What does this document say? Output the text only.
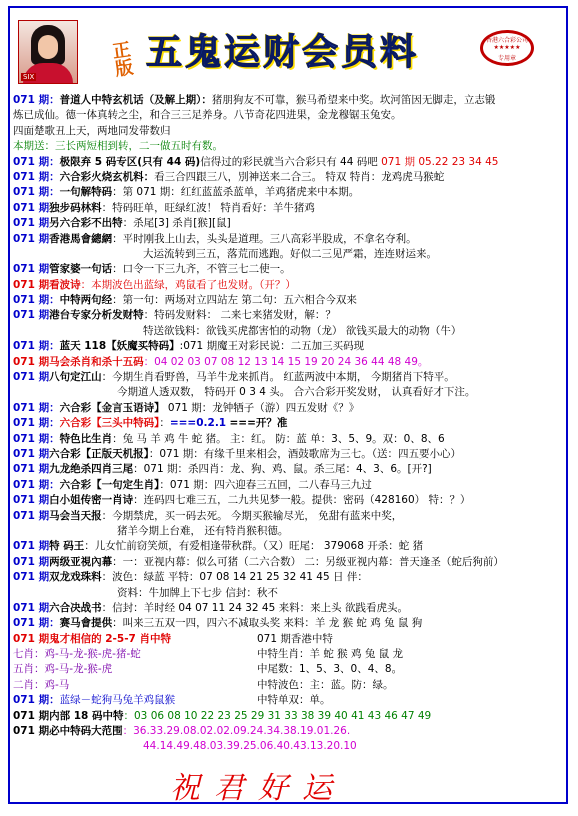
SIX
正版 五鬼运财会员料	香港六合彩公司
★★★★★
专用章
071 期：普道人中特玄机话（及解上期）：猪朋狗友不可靠，猴马希望来中奖。坎河笛因无脚走，立志锻
炼已成仙。德一体真转之尘，和合三三足养身。八节奇花四进果，金龙穆锯玉兔安。
四面楚歌丑上天，两地同发带数归
本期送：三长两短相到转，二一做五时有数。
071 期：极限弃 5 码专区(只有 44 码)信得过的彩民就当六合彩只有 44 码吧 071 期 05.22 23 34 45
071 期：六合彩火烧玄机料：看三合四跟三八，別神送来二合三。 特双 特肖：龙鸡虎马猴蛇
071 期：一句解特码：第 071 期：红红蓝蓝杀蓝单，羊鸡猪虎来中本期。
071 期独步码林料：特码旺单，旺绿红波！ 特肖看好：羊牛猪鸡
071 期另六合彩不出特：杀尾[3] 杀肖[猴][鼠]
071 期香港馬會總網：平时刚我上山去，头头是道理。三八高彩半股成，不拿名夺利。
大运流转到三五，落荒而逃跑。好似二三见严霜，连连财运来。
071 期管家婆一句话：口令一下三九齐，不管三七二使一。
071 期看波诗：本期波色出蓝绿，鸡鼠看了也发财。（开？）
071 期：中特两句经：第一句：两场对立四站左 第二句：五六相合今双来
071 期港台专家分析发财特：特码发财料： 二来七来猪发财，解：？
特送欲钱料：欲钱买虎都害怕的动物（龙） 欲钱买最大的动物（牛）
071 期：蓝天 118【妖魔买特码】:071 期魔王对彩民说：二五加三买码现
071 期马会杀肖和杀十五码：04 02 03 07 08 12 13 14 15 19 20 24 36 44 48 49。
071 期八句定江山：今期生肖看野兽，马羊牛龙来抓肖。 红蓝两波中本期， 今期猪肖下特平。
今期道人透双数， 特码开 0 3 4 头。 合六合彩开奖发财， 认真看好才下注。
071 期：六合彩【金言玉语诗】 071 期：龙钟牺子（游）四五发财《？》
071 期：六合彩【三头中特码】：===0.2.1 ===开？准
071 期：特色比生肖：兔 马 羊 鸡 牛 蛇 猪。 主：红。 防：蓝 单：3、5、9。双：0、8、6
071 期六合彩【正版天机报】：071 期：有缘千里来相会，酒鼓歌席为三七。（送：四五要小心）
071 期九龙绝杀四肖三尾：071 期：杀四肖：龙、狗、鸡、鼠。杀三尾：4、3、6。[开?]
071 期：六合彩【一句定生肖】：071 期：四六迎春三五回，二八春马三九过
071 期白小姐传密一肖诗：连码四七难三五，二九共见梦一般。提供：密码（428160） 特：？）
071 期马会当天报：今期禁虎，买一码去死。 今期买猴输尽光， 免甜有蓝来中奖，
猪羊今期上台难， 还有特肖猴积德。
071 期特 码王：儿女忙前窃笑烦，有爱相逢带秋群。（又）旺尾： 379068 开杀：蛇 猪
071 期两级亚視內幕：一：亚视内幕：似么可猪（二六合数） 二：另级亚视内幕：普天逢圣（蛇后狗前）
071 期双龙戏珠料：波色：绿蓝 平特：07 08 14 21 25 32 41 45 日 伴：
资料：牛加牌上下七步 信封：秋不
071 期六合决战书：信封：羊时经 04 07 11 24 32 45 来料：来上头 欲践看虎头。
071 期：赛马會提供：叫来三五双一四，四六不减取头奖 来料：羊 龙 猴 蛇 鸡 兔 鼠 狗
071 期鬼才相信的 2-5-7 肖中特	071 期香港中特
七肖：鸡-马-龙-猴-虎-猪-蛇	中特生肖：羊 蛇 猴 鸡 兔 鼠 龙
五肖：鸡-马-龙-猴-虎	中尾数：1、5、3、0、4、8。
二肖：鸡-马	中特波色：主：蓝。防：绿。
071 期：蓝绿－蛇狗马兔羊鸡鼠猴	中特单双：单。
071 期内部 18 码中特：03 06 08 10 22 23 25 29 31 33 38 39 40 41 43 46 47 49
071 期必中特码大范围：36.33.29.08.02.02.09.24.34.38.19.01.26.
44.14.49.48.03.39.25.06.40.43.13.20.10
祝君好运
